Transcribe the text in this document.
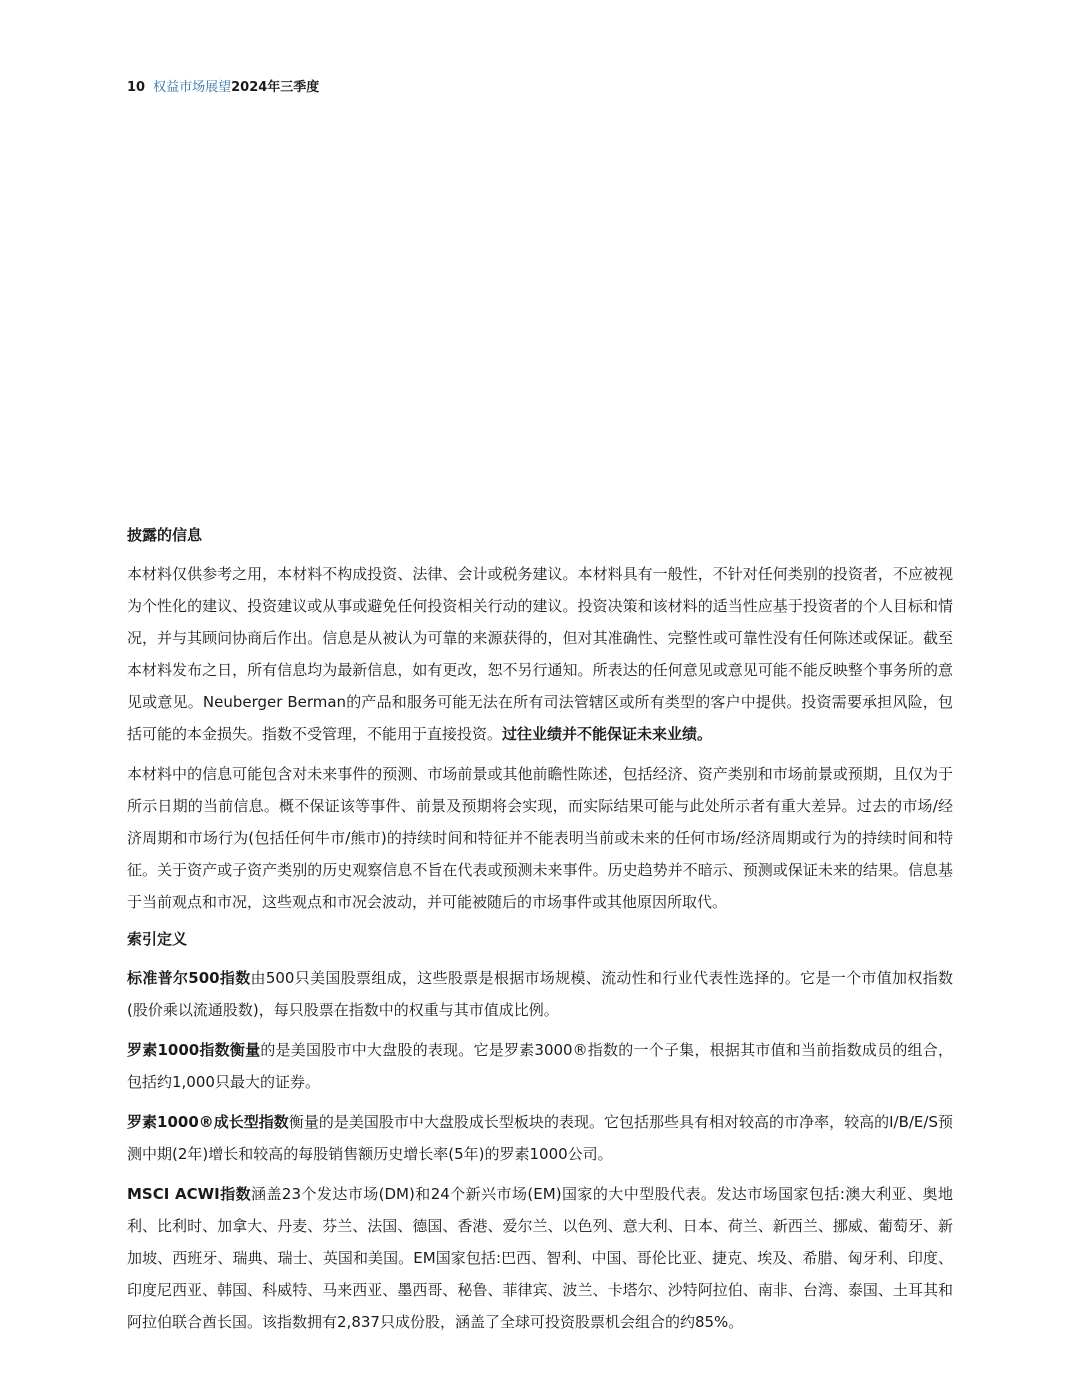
10 权益市场展望2024年三季度
披露的信息

本材料仅供参考之用，本材料不构成投资、法律、会计或税务建议。本材料具有一般性，不针对任何类别的投资者，不应被视为个性化的建议、投资建议或从事或避免任何投资相关行动的建议。投资决策和该材料的适当性应基于投资者的个人目标和情况，并与其顾问协商后作出。信息是从被认为可靠的来源获得的，但对其准确性、完整性或可靠性没有任何陈述或保证。截至本材料发布之日，所有信息均为最新信息，如有更改，恕不另行通知。所表达的任何意见或意见可能不能反映整个事务所的意见或意见。Neuberger Berman的产品和服务可能无法在所有司法管辖区或所有类型的客户中提供。投资需要承担风险，包括可能的本金损失。指数不受管理，不能用于直接投资。过往业绩并不能保证未来业绩。

本材料中的信息可能包含对未来事件的预测、市场前景或其他前瞻性陈述，包括经济、资产类别和市场前景或预期，且仅为于所示日期的当前信息。概不保证该等事件、前景及预期将会实现，而实际结果可能与此处所示者有重大差异。过去的市场/经济周期和市场行为(包括任何牛市/熊市)的持续时间和特征并不能表明当前或未来的任何市场/经济周期或行为的持续时间和特征。关于资产或子资产类别的历史观察信息不旨在代表或预测未来事件。历史趋势并不暗示、预测或保证未来的结果。信息基于当前观点和市况，这些观点和市况会波动，并可能被随后的市场事件或其他原因所取代。

索引定义

标准普尔500指数由500只美国股票组成，这些股票是根据市场规模、流动性和行业代表性选择的。它是一个市值加权指数(股价乘以流通股数)，每只股票在指数中的权重与其市值成比例。

罗素1000指数衡量的是美国股市中大盘股的表现。它是罗素3000®指数的一个子集，根据其市值和当前指数成员的组合，包括约1,000只最大的证券。

罗素1000®成长型指数衡量的是美国股市中大盘股成长型板块的表现。它包括那些具有相对较高的市净率，较高的I/B/E/S预测中期(2年)增长和较高的每股销售额历史增长率(5年)的罗素1000公司。

MSCI ACWI指数涵盖23个发达市场(DM)和24个新兴市场(EM)国家的大中型股代表。发达市场国家包括:澳大利亚、奥地利、比利时、加拿大、丹麦、芬兰、法国、德国、香港、爱尔兰、以色列、意大利、日本、荷兰、新西兰、挪威、葡萄牙、新加坡、西班牙、瑞典、瑞士、英国和美国。EM国家包括:巴西、智利、中国、哥伦比亚、捷克、埃及、希腊、匈牙利、印度、印度尼西亚、韩国、科威特、马来西亚、墨西哥、秘鲁、菲律宾、波兰、卡塔尔、沙特阿拉伯、南非、台湾、泰国、土耳其和阿拉伯联合酋长国。该指数拥有2,837只成份股，涵盖了全球可投资股票机会组合的约85%。
